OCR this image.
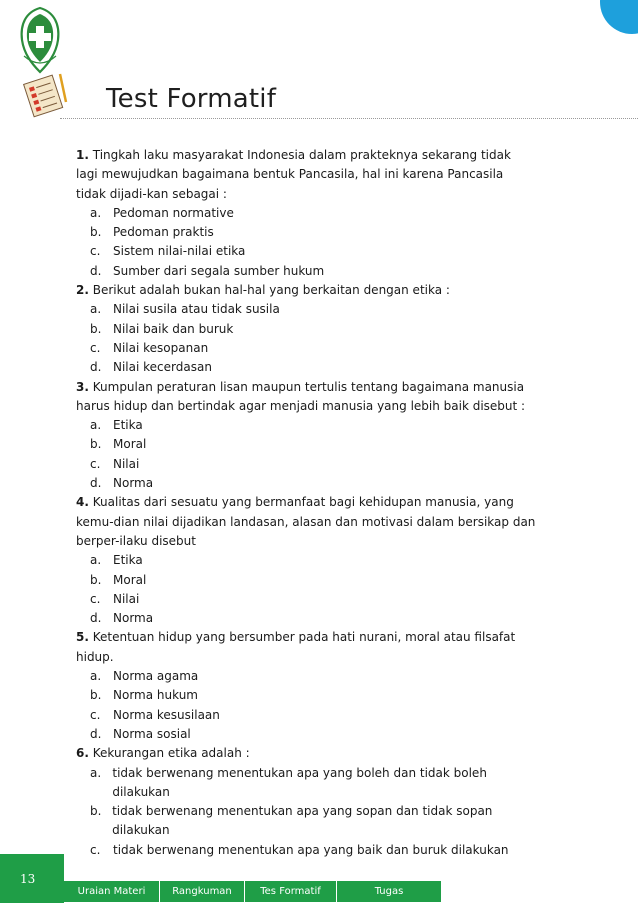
Test Formatif

1. Tingkah laku masyarakat Indonesia dalam prakteknya sekarang tidak lagi mewujudkan bagaimana bentuk Pancasila, hal ini karena Pancasila tidak dijadi-kan sebagai :

a. Pedoman normative
b. Pedoman praktis
c.	Sistem nilai-nilai etika
d. Sumber dari segala sumber hukum

2. Berikut adalah bukan hal-hal yang berkaitan dengan etika :

a. Nilai susila atau tidak susila
b. Nilai baik dan buruk
c.	Nilai kesopanan
d. Nilai kecerdasan

3. Kumpulan peraturan lisan maupun tertulis tentang bagaimana manusia harus hidup dan bertindak agar menjadi manusia yang lebih baik disebut :

a. Etika
b. Moral
c.	Nilai
d. Norma

4. Kualitas dari sesuatu yang bermanfaat bagi kehidupan manusia, yang kemu-dian nilai dijadikan landasan, alasan dan motivasi dalam bersikap dan berper-ilaku disebut

a. Etika
b. Moral
c.	Nilai
d. Norma

5. Ketentuan hidup yang bersumber pada hati nurani, moral atau filsafat hidup.

a. Norma agama
b. Norma hukum
c.	Norma kesusilaan
d. Norma sosial

6. Kekurangan etika adalah :

a. tidak berwenang menentukan apa yang boleh dan tidak boleh dilakukan
b. tidak berwenang menentukan apa yang sopan dan tidak sopan dilakukan
c.	tidak berwenang menentukan apa yang baik dan buruk dilakukan
13
Uraian Materi	Rangkuman	Tes Formatif	Tugas
